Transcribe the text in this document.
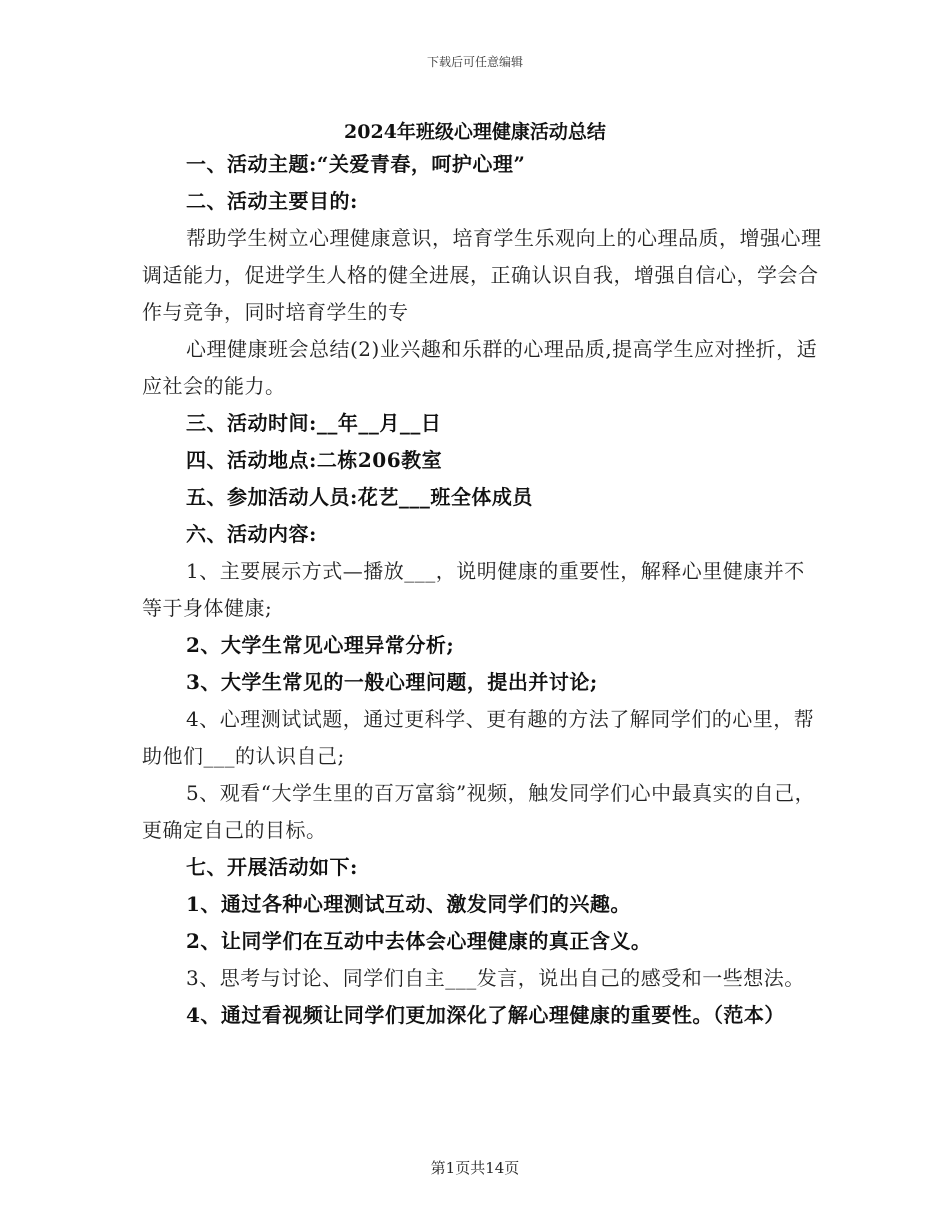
下载后可任意编辑
2024年班级心理健康活动总结

一、活动主题:“关爱青春，呵护心理”

二、活动主要目的:

帮助学生树立心理健康意识，培育学生乐观向上的心理品质，增强心理调适能力，促进学生人格的健全进展，正确认识自我，增强自信心，学会合作与竞争，同时培育学生的专

心理健康班会总结(2)业兴趣和乐群的心理品质,提高学生应对挫折，适应社会的能力。

三、活动时间:__年__月__日

四、活动地点:二栋206教室

五、参加活动人员:花艺___班全体成员

六、活动内容:

1、主要展示方式—播放___，说明健康的重要性，解释心里健康并不等于身体健康;

2、大学生常见心理异常分析;

3、大学生常见的一般心理问题，提出并讨论;

4、心理测试试题，通过更科学、更有趣的方法了解同学们的心里，帮助他们___的认识自己;

5、观看“大学生里的百万富翁”视频，触发同学们心中最真实的自己，更确定自己的目标。

七、开展活动如下:

1、通过各种心理测试互动、激发同学们的兴趣。

2、让同学们在互动中去体会心理健康的真正含义。

3、思考与讨论、同学们自主___发言，说出自己的感受和一些想法。

4、通过看视频让同学们更加深化了解心理健康的重要性。（范本）

第1页共14页
